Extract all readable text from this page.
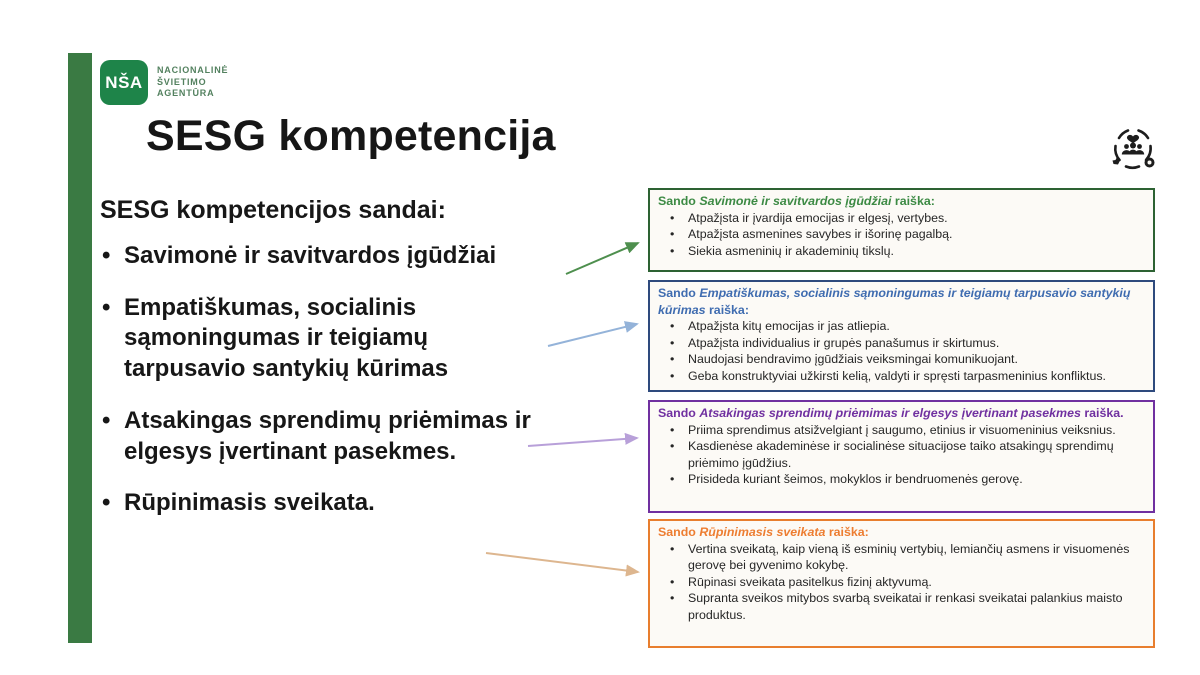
NŠA
NACIONALINĖ
ŠVIETIMO
AGENTŪRA
SESG kompetencija

SESG kompetencijos sandai:

• Savimonė ir savitvardos įgūdžiai
• Empatiškumas, socialinis sąmoningumas ir teigiamų tarpusavio santykių kūrimas
• Atsakingas sprendimų priėmimas ir elgesys įvertinant pasekmes.
• Rūpinimasis sveikata.

Sando Savimonė ir savitvardos įgūdžiai raiška:

• Atpažįsta ir įvardija emocijas ir elgesį, vertybes.
• Atpažįsta asmenines savybes ir išorinę pagalbą.
• Siekia asmeninių ir akademinių tikslų.

Sando Empatiškumas, socialinis sąmoningumas ir teigiamų tarpusavio santykių kūrimas raiška:

• Atpažįsta kitų emocijas ir jas atliepia.
• Atpažįsta individualius ir grupės panašumus ir skirtumus.
• Naudojasi bendravimo įgūdžiais veiksmingai komunikuojant.
• Geba konstruktyviai užkirsti kelią, valdyti ir spręsti tarpasmeninius konfliktus.

Sando Atsakingas sprendimų priėmimas ir elgesys įvertinant pasekmes raiška.

• Priima sprendimus atsižvelgiant į saugumo, etinius ir visuomeninius veiksnius.
• Kasdienėse akademinėse ir socialinėse situacijose taiko atsakingų sprendimų priėmimo įgūdžius.
• Prisideda kuriant šeimos, mokyklos ir bendruomenės gerovę.

Sando Rūpinimasis sveikata raiška:

• Vertina sveikatą, kaip vieną iš esminių vertybių, lemiančių asmens ir visuomenės gerovę bei gyvenimo kokybę.
• Rūpinasi sveikata pasitelkus fizinį aktyvumą.
• Supranta sveikos mitybos svarbą sveikatai ir renkasi sveikatai palankius maisto produktus.
